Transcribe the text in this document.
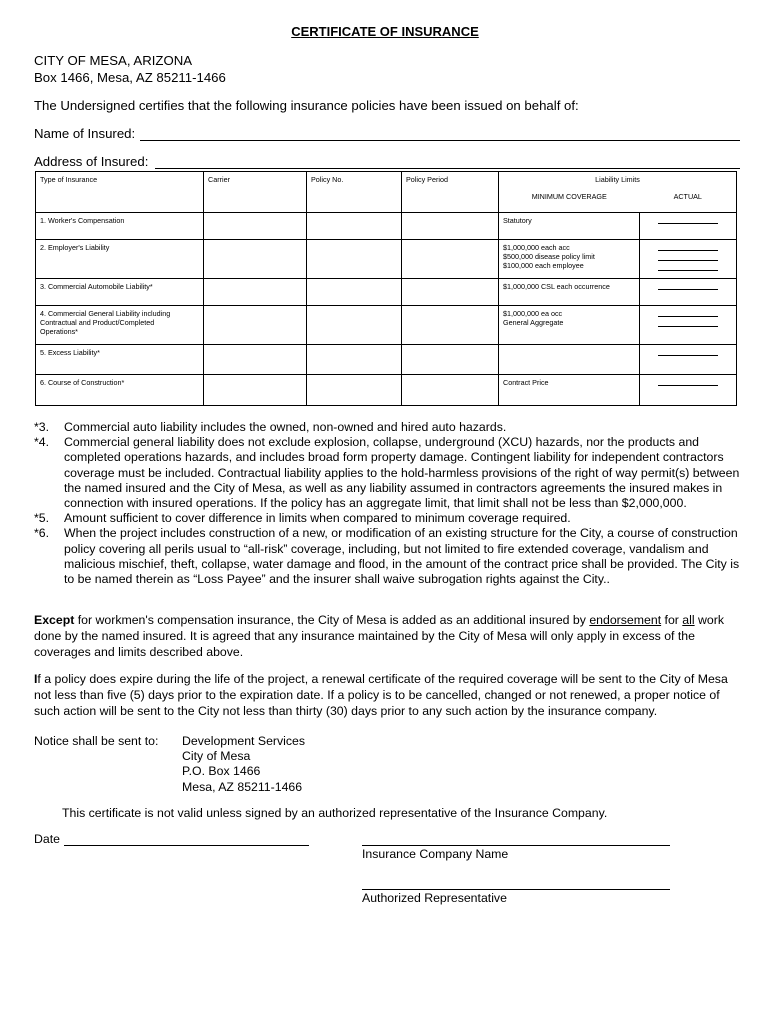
CERTIFICATE OF INSURANCE
CITY OF MESA, ARIZONA
Box 1466, Mesa, AZ 85211-1466
The Undersigned certifies that the following insurance policies have been issued on behalf of:
Name of Insured:
Address of Insured:
Type of Insurance	Carrier	Policy No.	Policy Period	Liability Limits	
				MINIMUM COVERAGE	ACTUAL
1. Worker's Compensation				Statutory	

2. Employer's Liability				$1,000,000 each acc
$500,000 disease policy limit
$100,000 each employee	

3. Commercial Automobile Liability*				$1,000,000 CSL each occurrence	

4. Commercial General Liability including
Contractual and Product/Completed
Operations*				$1,000,000 ea occ
General Aggregate	

5. Excess Liability*					

6. Course of Construction*				Contract Price	
*3. Commercial auto liability includes the owned, non-owned and hired auto hazards.
*4. Commercial general liability does not exclude explosion, collapse, underground (XCU) hazards, nor the products and completed operations hazards, and includes broad form property damage. Contingent liability for independent contractors coverage must be included. Contractual liability applies to the hold-harmless provisions of the right of way permit(s) between the named insured and the City of Mesa, as well as any liability assumed in contractors agreements the insured makes in connection with insured operations. If the policy has an aggregate limit, that limit shall not be less than $2,000,000.
*5. Amount sufficient to cover difference in limits when compared to minimum coverage required.
*6. When the project includes construction of a new, or modification of an existing structure for the City, a course of construction policy covering all perils usual to “all-risk” coverage, including, but not limited to fire extended coverage, vandalism and malicious mischief, theft, collapse, water damage and flood, in the amount of the contract price shall be provided. The City is to be named therein as “Loss Payee” and the insurer shall waive subrogation rights against the City..
Except for workmen's compensation insurance, the City of Mesa is added as an additional insured by endorsement for all work done by the named insured. It is agreed that any insurance maintained by the City of Mesa will only apply in excess of the coverages and limits described above.
If a policy does expire during the life of the project, a renewal certificate of the required coverage will be sent to the City of Mesa not less than five (5) days prior to the expiration date. If a policy is to be cancelled, changed or not renewed, a proper notice of such action will be sent to the City not less than thirty (30) days prior to any such action by the insurance company.
Notice shall be sent to: Development Services
City of Mesa
P.O. Box 1466
Mesa, AZ 85211-1466
This certificate is not valid unless signed by an authorized representative of the Insurance Company.
Date
Insurance Company Name
Authorized Representative
